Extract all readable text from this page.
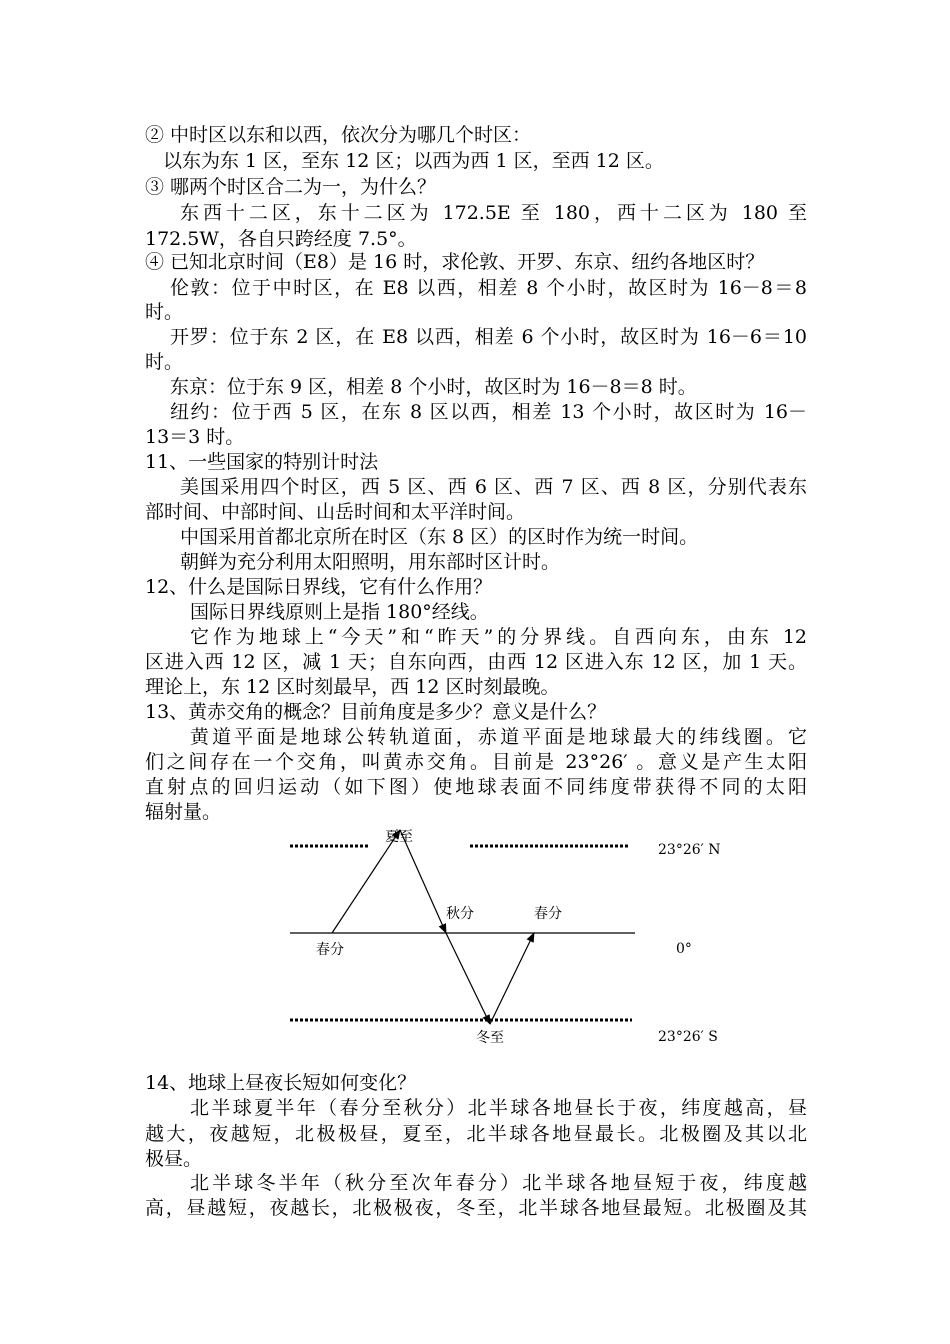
② 中时区以东和以西，依次分为哪几个时区：
以东为东 1 区，至东 12 区；以西为西 1 区，至西 12 区。
③ 哪两个时区合二为一，为什么？
东西十二区，东十二区为 172.5E 至 180，西十二区为 180 至
172.5W，各自只跨经度 7.5°。
④ 已知北京时间（E8）是 16 时，求伦敦、开罗、东京、纽约各地区时？
伦敦：位于中时区，在 E8 以西，相差 8 个小时，故区时为 16－8＝8
时。
开罗：位于东 2 区，在 E8 以西，相差 6 个小时，故区时为 16－6＝10
时。
东京：位于东 9 区，相差 8 个小时，故区时为 16－8＝8 时。
纽约：位于西 5 区，在东 8 区以西，相差 13 个小时，故区时为 16－
13＝3 时。
11、一些国家的特别计时法
美国采用四个时区，西 5 区、西 6 区、西 7 区、西 8 区，分别代表东
部时间、中部时间、山岳时间和太平洋时间。
中国采用首都北京所在时区（东 8 区）的区时作为统一时间。
朝鲜为充分利用太阳照明，用东部时区计时。
12、什么是国际日界线，它有什么作用？
国际日界线原则上是指 180°经线。
它作为地球上“今天”和“昨天”的分界线。自西向东，由东 12
区进入西 12 区，减 1 天；自东向西，由西 12 区进入东 12 区，加 1 天。
理论上，东 12 区时刻最早，西 12 区时刻最晚。
13、黄赤交角的概念？目前角度是多少？意义是什么？
黄道平面是地球公转轨道面，赤道平面是地球最大的纬线圈。它
们之间存在一个交角，叫黄赤交角。目前是 23°26′ 。意义是产生太阳
直射点的回归运动（如下图）使地球表面不同纬度带获得不同的太阳
辐射量。
夏至
秋分	春分
春分
冬至
23°26′ N
0°
23°26′ S
14、地球上昼夜长短如何变化？
北半球夏半年（春分至秋分）北半球各地昼长于夜，纬度越高，昼
越大，夜越短，北极极昼，夏至，北半球各地昼最长。北极圈及其以北
极昼。
北半球冬半年（秋分至次年春分）北半球各地昼短于夜，纬度越
高，昼越短，夜越长，北极极夜，冬至，北半球各地昼最短。北极圈及其
